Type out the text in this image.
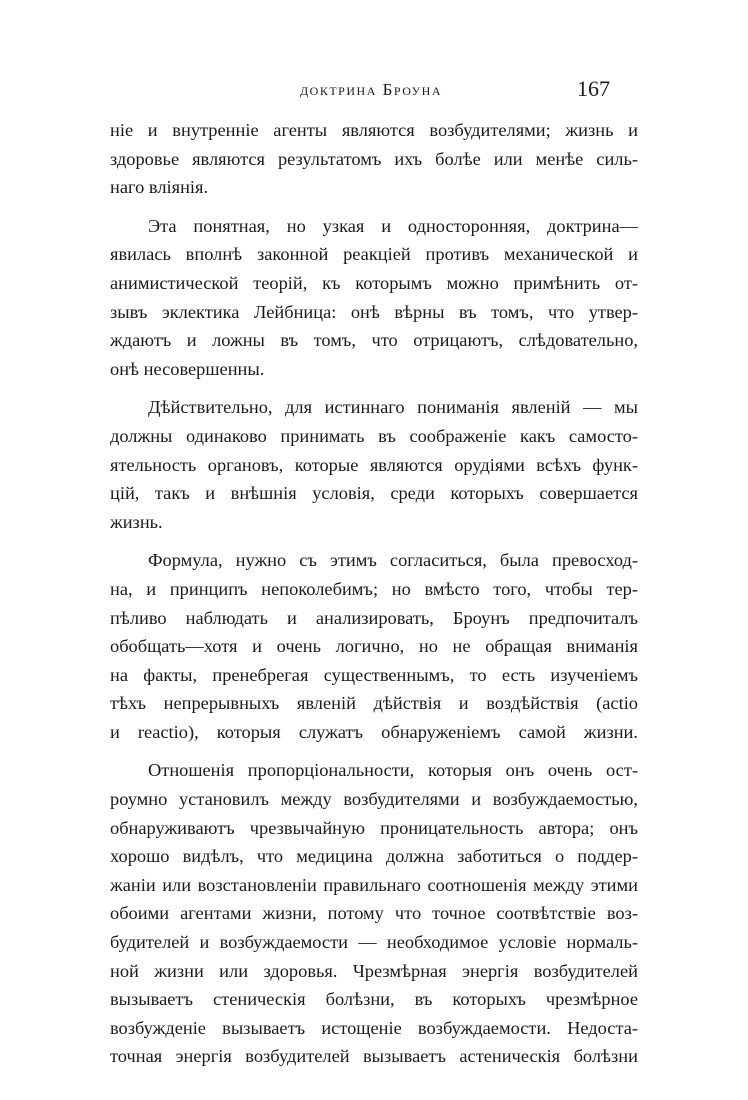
доктрина Броуна	167
ніе и внутренніе агенты являются возбудителями; жизнь и
здоровье являются результатомъ ихъ болѣе или менѣе силь-
наго вліянія.
Эта понятная, но узкая и односторонняя, доктрина—
явилась вполнѣ законной реакціей противъ механической и
анимистической теорій, къ которымъ можно примѣнить от-
зывъ эклектика Лейбница: онѣ вѣрны въ томъ, что утвер-
ждаютъ и ложны въ томъ, что отрицаютъ, слѣдовательно,
онѣ несовершенны.
Дѣйствительно, для истиннаго пониманія явленій — мы
должны одинаково принимать въ соображеніе какъ самосто-
ятельность органовъ, которые являются орудіями всѣхъ функ-
цій, такъ и внѣшнія условія, среди которыхъ совершается
жизнь.
Формула, нужно съ этимъ согласиться, была превосход-
на, и принципъ непоколебимъ; но вмѣсто того, чтобы тер-
пѣливо наблюдать и анализировать, Броунъ предпочиталъ
обобщать—хотя и очень логично, но не обращая вниманія
на факты, пренебрегая существеннымъ, то есть изученіемъ
тѣхъ непрерывныхъ явленій дѣйствія и воздѣйствія (actio
и reactio), которыя служатъ обнаруженіемъ самой жизни.
Отношенія пропорціональности, которыя онъ очень ост-
роумно установилъ между возбудителями и возбуждаемостью,
обнаруживаютъ чрезвычайную проницательность автора; онъ
хорошо видѣлъ, что медицина должна заботиться о поддер-
жаніи или возстановленіи правильнаго соотношенія между этими
обоими агентами жизни, потому что точное соотвѣтствіе воз-
будителей и возбуждаемости — необходимое условіе нормаль-
ной жизни или здоровья. Чрезмѣрная энергія возбудителей
вызываетъ стеническія болѣзни, въ которыхъ чрезмѣрное
возбужденіе вызываетъ истощеніе возбуждаемости. Недоста-
точная энергія возбудителей вызываетъ астеническія болѣзни
